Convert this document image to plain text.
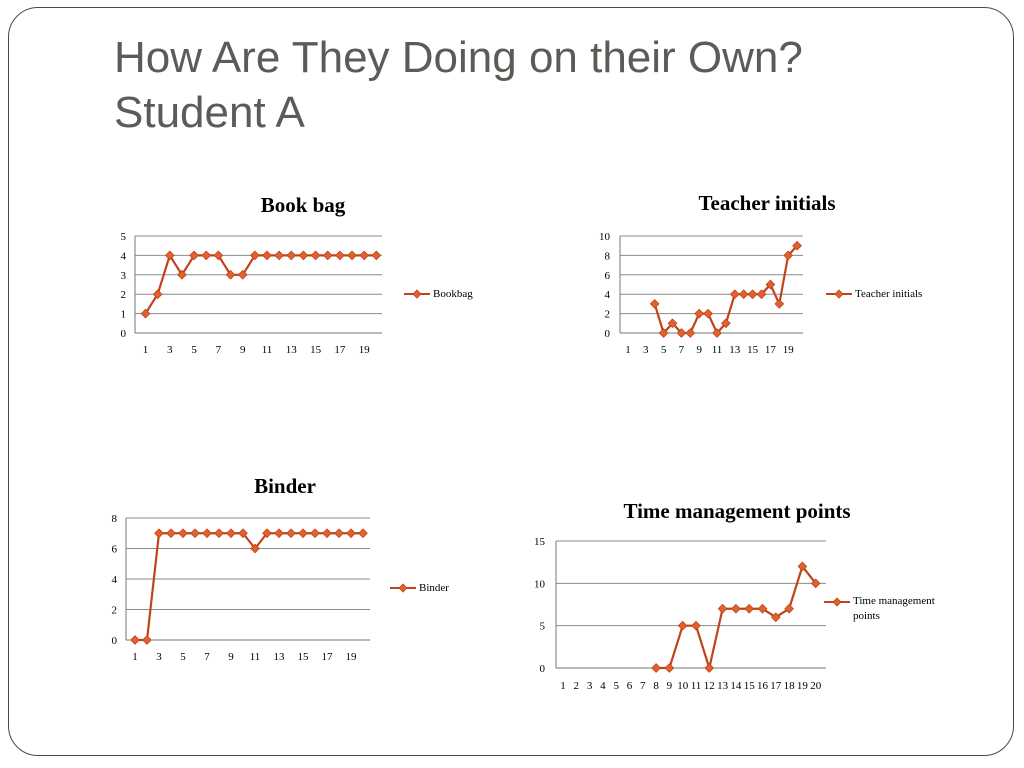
How Are They Doing on their Own?
Student A
Book bag
0
1
2
3
4
5
1 3 5 7 9 11 13 15 17 19
Bookbag
Teacher initials
0
2
4
6
8
10
1 3 5 7 9 11 13 15 17 19
Teacher initials
Binder
0
2
4
6
8
1 3 5 7 9 11 13 15 17 19
Binder
Time management points
0
5
10
15
1 2 3 4 5 6 7 8 9 10 11 12 13 14 15 16 17 18 19 20
Time management
points
